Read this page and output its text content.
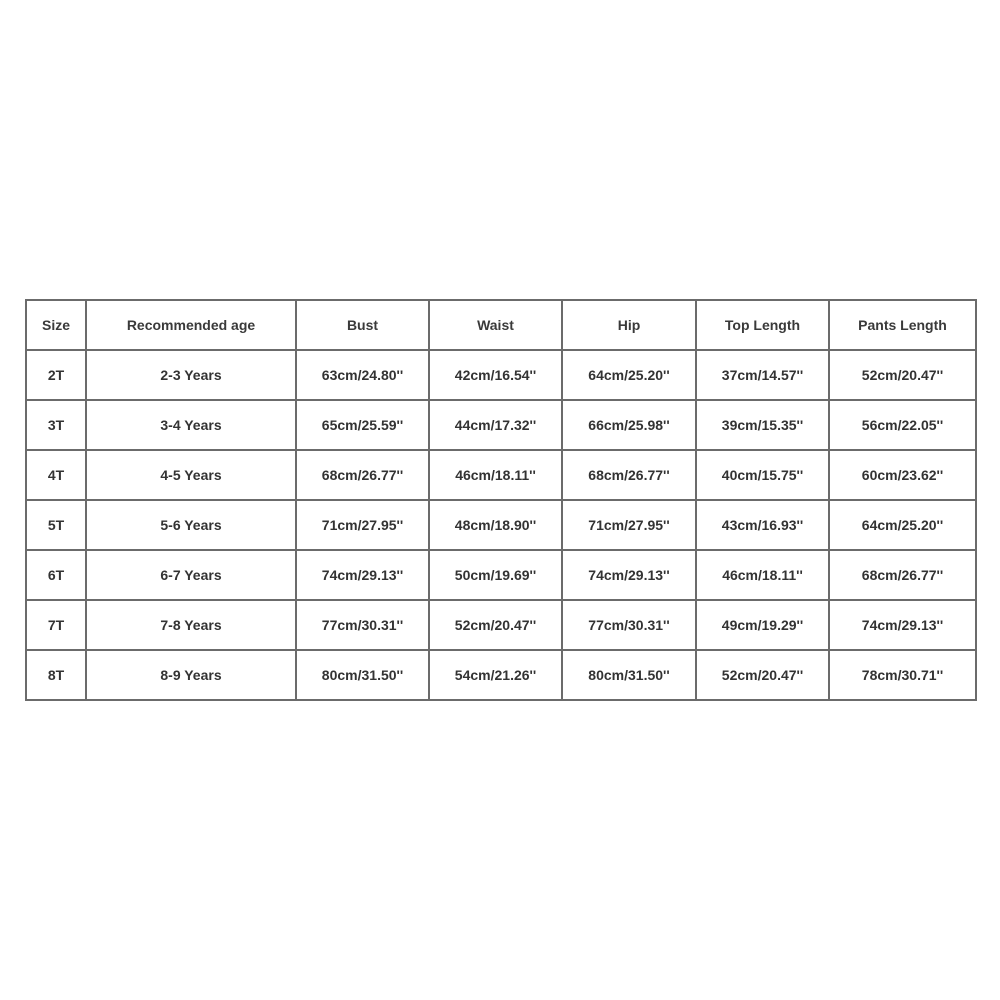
Size	Recommended age	Bust	Waist	Hip	Top Length	Pants Length
2T	2-3 Years	63cm/24.80''	42cm/16.54''	64cm/25.20''	37cm/14.57''	52cm/20.47''
3T	3-4 Years	65cm/25.59''	44cm/17.32''	66cm/25.98''	39cm/15.35''	56cm/22.05''
4T	4-5 Years	68cm/26.77''	46cm/18.11''	68cm/26.77''	40cm/15.75''	60cm/23.62''
5T	5-6 Years	71cm/27.95''	48cm/18.90''	71cm/27.95''	43cm/16.93''	64cm/25.20''
6T	6-7 Years	74cm/29.13''	50cm/19.69''	74cm/29.13''	46cm/18.11''	68cm/26.77''
7T	7-8 Years	77cm/30.31''	52cm/20.47''	77cm/30.31''	49cm/19.29''	74cm/29.13''
8T	8-9 Years	80cm/31.50''	54cm/21.26''	80cm/31.50''	52cm/20.47''	78cm/30.71''
